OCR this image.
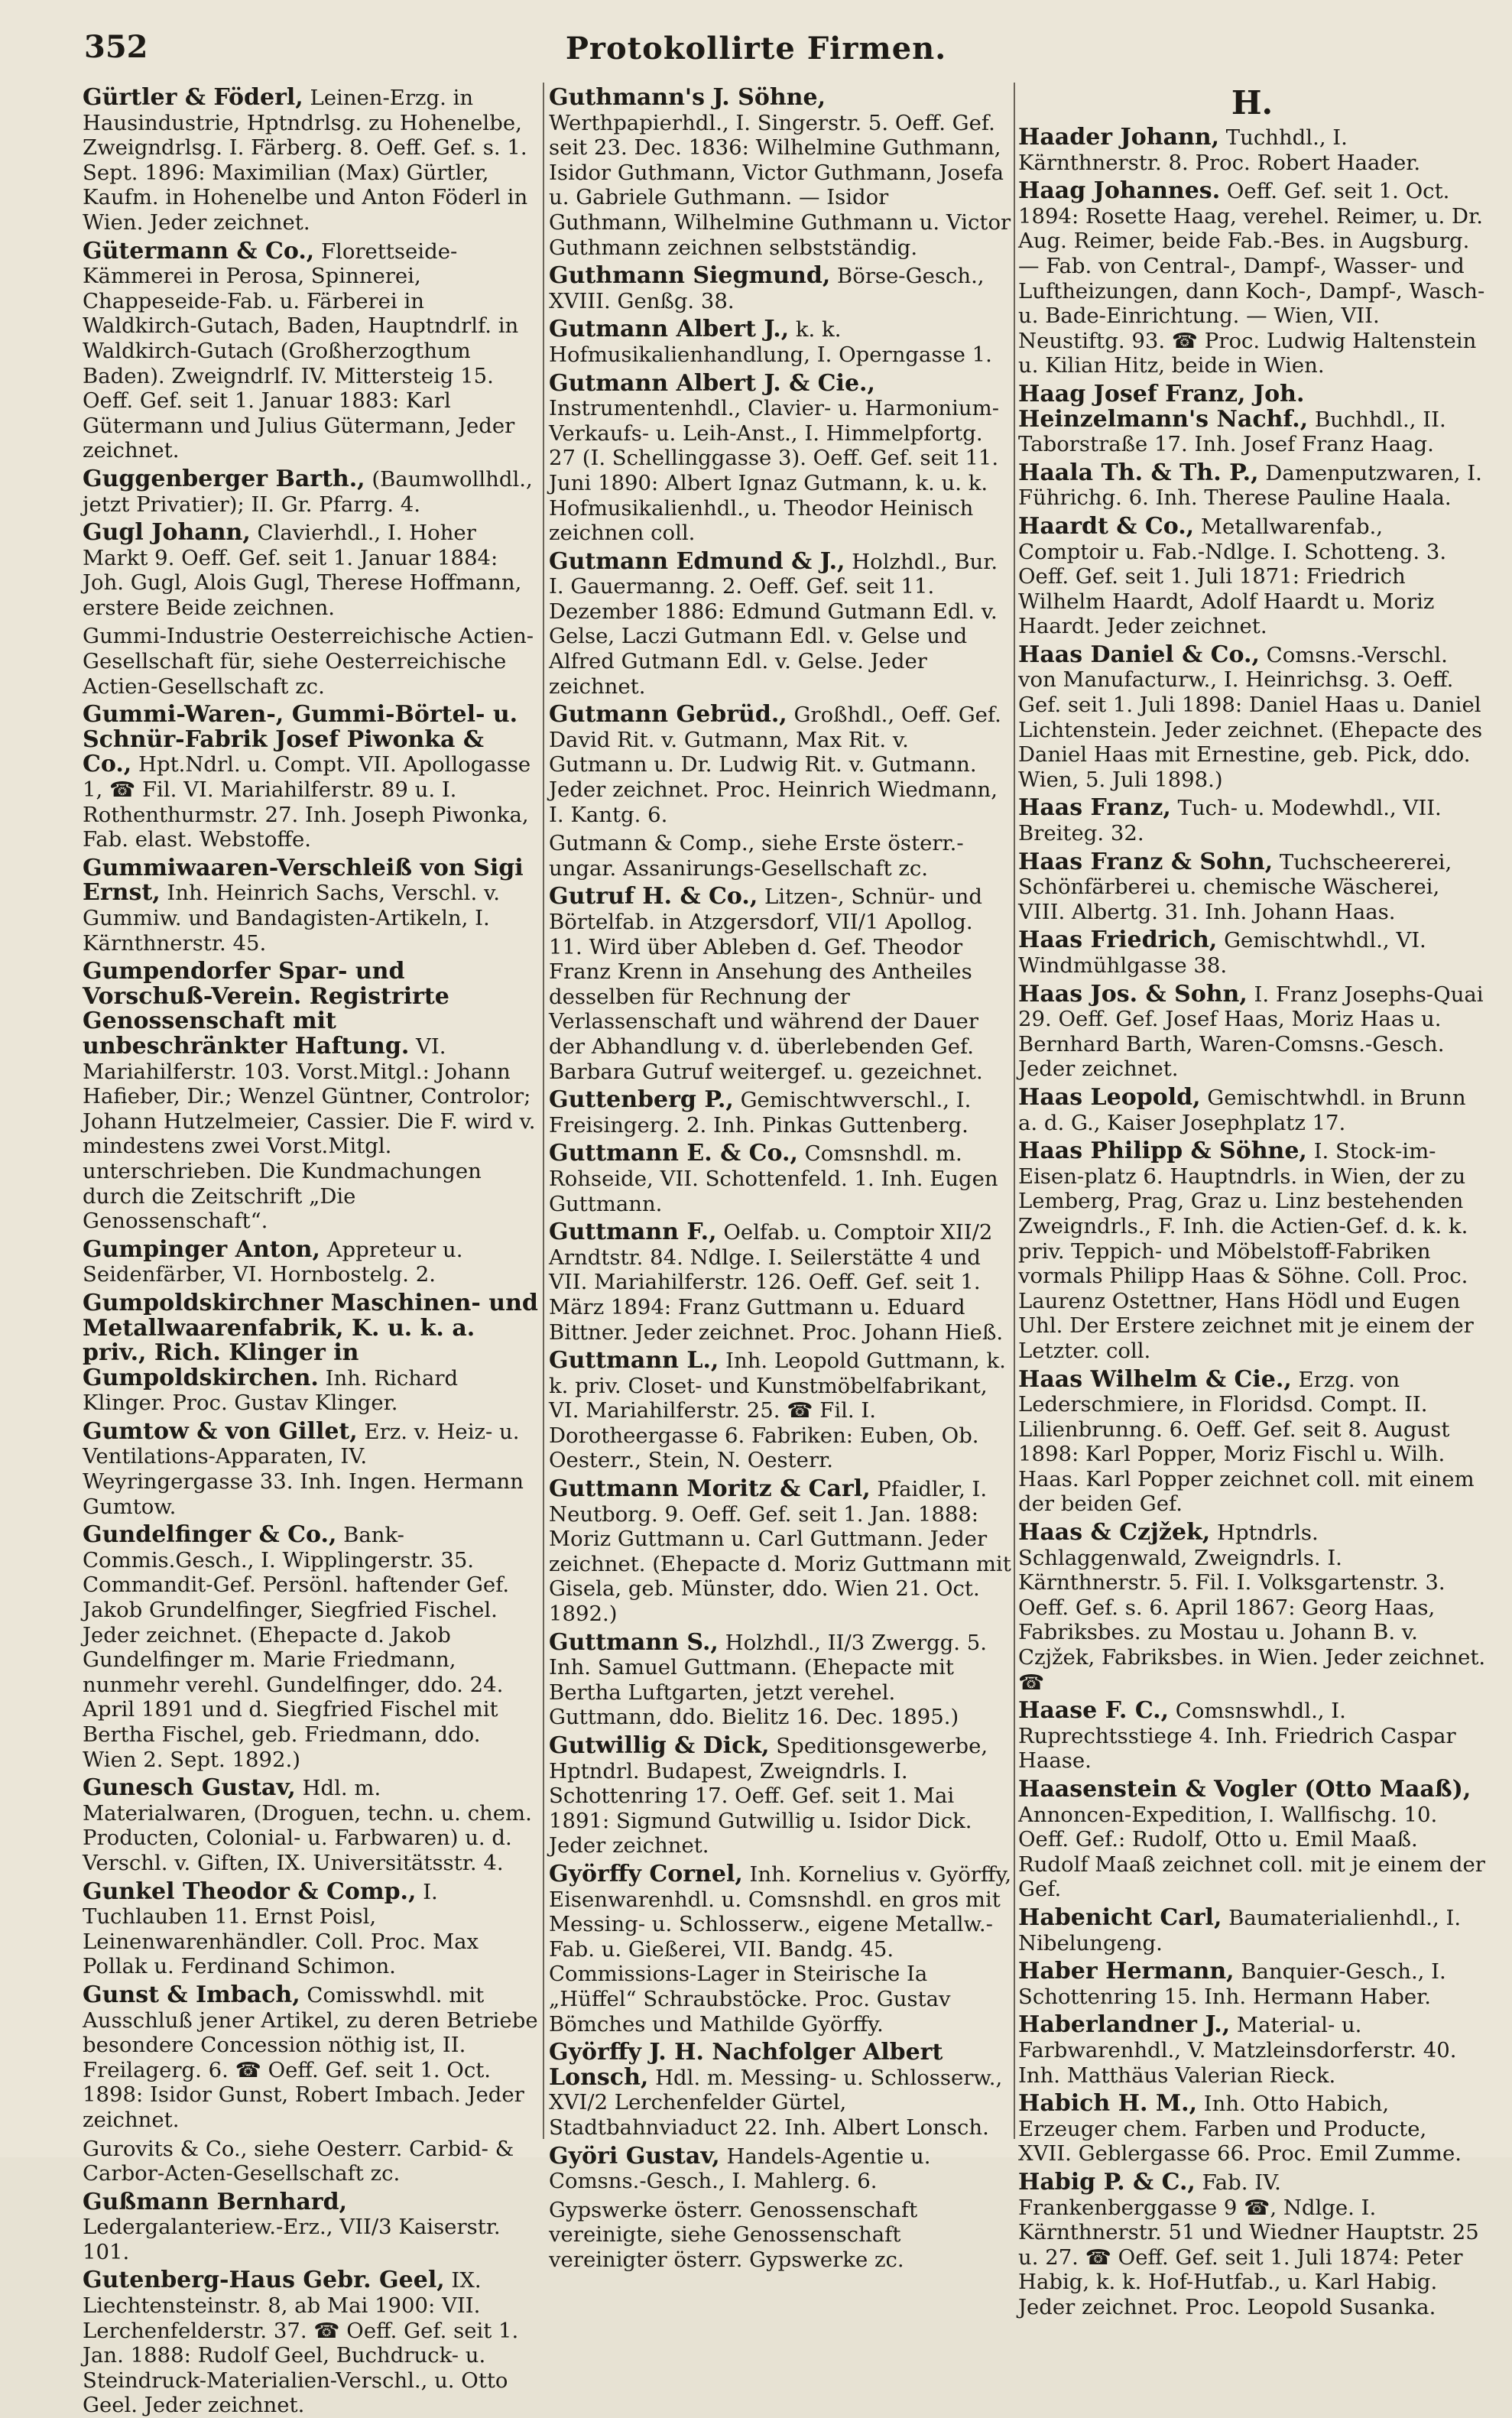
352	Protokollirte Firmen.

Gürtler & Föderl, Leinen-Erzg. in Hausindustrie, Hptndrlsg. zu Hohenelbe, Zweigndrlsg. I. Färberg. 8. Oeff. Gef. s. 1. Sept. 1896: Maximilian (Max) Gürtler, Kaufm. in Hohenelbe und Anton Föderl in Wien. Jeder zeichnet.

Gütermann & Co., Florettseide-Kämmerei in Perosa, Spinnerei, Chappeseide-Fab. u. Färberei in Waldkirch-Gutach, Baden, Hauptndrlf. in Waldkirch-Gutach (Großherzogthum Baden). Zweigndrlf. IV. Mittersteig 15. Oeff. Gef. seit 1. Januar 1883: Karl Gütermann und Julius Gütermann, Jeder zeichnet.

Guggenberger Barth., (Baumwollhdl., jetzt Privatier); II. Gr. Pfarrg. 4.

Gugl Johann, Clavierhdl., I. Hoher Markt 9. Oeff. Gef. seit 1. Januar 1884: Joh. Gugl, Alois Gugl, Therese Hoffmann, erstere Beide zeichnen.

Gummi-Industrie Oesterreichische Actien-Gesellschaft für, siehe Oesterreichische Actien-Gesellschaft zc.

Gummi-Waren-, Gummi-Börtel- u. Schnür-Fabrik Josef Piwonka & Co., Hpt.Ndrl. u. Compt. VII. Apollogasse 1, ☎ Fil. VI. Mariahilferstr. 89 u. I. Rothenthurmstr. 27. Inh. Joseph Piwonka, Fab. elast. Webstoffe.

Gummiwaaren-Verschleiß von Sigi Ernst, Inh. Heinrich Sachs, Verschl. v. Gummiw. und Bandagisten-Artikeln, I. Kärnthnerstr. 45.

Gumpendorfer Spar- und Vorschuß-Verein. Registrirte Genossenschaft mit unbeschränkter Haftung. VI. Mariahilferstr. 103. Vorst.Mitgl.: Johann Hafieber, Dir.; Wenzel Güntner, Controlor; Johann Hutzelmeier, Cassier. Die F. wird v. mindestens zwei Vorst.Mitgl. unterschrieben. Die Kundmachungen durch die Zeitschrift „Die Genossenschaft“.

Gumpinger Anton, Appreteur u. Seidenfärber, VI. Hornbostelg. 2.

Gumpoldskirchner Maschinen- und Metallwaarenfabrik, K. u. k. a. priv., Rich. Klinger in Gumpoldskirchen. Inh. Richard Klinger. Proc. Gustav Klinger.

Gumtow & von Gillet, Erz. v. Heiz- u. Ventilations-Apparaten, IV. Weyringergasse 33. Inh. Ingen. Hermann Gumtow.

Gundelfinger & Co., Bank-Commis.Gesch., I. Wipplingerstr. 35. Commandit-Gef. Persönl. haftender Gef. Jakob Grundelfinger, Siegfried Fischel. Jeder zeichnet. (Ehepacte d. Jakob Gundelfinger m. Marie Friedmann, nunmehr verehl. Gundelfinger, ddo. 24. April 1891 und d. Siegfried Fischel mit Bertha Fischel, geb. Friedmann, ddo. Wien 2. Sept. 1892.)

Gunesch Gustav, Hdl. m. Materialwaren, (Droguen, techn. u. chem. Producten, Colonial- u. Farbwaren) u. d. Verschl. v. Giften, IX. Universitätsstr. 4.

Gunkel Theodor & Comp., I. Tuchlauben 11. Ernst Poisl, Leinenwarenhändler. Coll. Proc. Max Pollak u. Ferdinand Schimon.

Gunst & Imbach, Comisswhdl. mit Ausschluß jener Artikel, zu deren Betriebe besondere Concession nöthig ist, II. Freilagerg. 6. ☎ Oeff. Gef. seit 1. Oct. 1898: Isidor Gunst, Robert Imbach. Jeder zeichnet.

Gurovits & Co., siehe Oesterr. Carbid- & Carbor-Acten-Gesellschaft zc.

Gußmann Bernhard, Ledergalanteriew.-Erz., VII/3 Kaiserstr. 101.

Gutenberg-Haus Gebr. Geel, IX. Liechtensteinstr. 8, ab Mai 1900: VII. Lerchenfelderstr. 37. ☎ Oeff. Gef. seit 1. Jan. 1888: Rudolf Geel, Buchdruck- u. Steindruck-Materialien-Verschl., u. Otto Geel. Jeder zeichnet.

Guthmann's J. Söhne, Werthpapierhdl., I. Singerstr. 5. Oeff. Gef. seit 23. Dec. 1836: Wilhelmine Guthmann, Isidor Guthmann, Victor Guthmann, Josefa u. Gabriele Guthmann. — Isidor Guthmann, Wilhelmine Guthmann u. Victor Guthmann zeichnen selbstständig.

Guthmann Siegmund, Börse-Gesch., XVIII. Genßg. 38.

Gutmann Albert J., k. k. Hofmusikalienhandlung, I. Operngasse 1.

Gutmann Albert J. & Cie., Instrumentenhdl., Clavier- u. Harmonium-Verkaufs- u. Leih-Anst., I. Himmelpfortg. 27 (I. Schellinggasse 3). Oeff. Gef. seit 11. Juni 1890: Albert Ignaz Gutmann, k. u. k. Hofmusikalienhdl., u. Theodor Heinisch zeichnen coll.

Gutmann Edmund & J., Holzhdl., Bur. I. Gauermanng. 2. Oeff. Gef. seit 11. Dezember 1886: Edmund Gutmann Edl. v. Gelse, Laczi Gutmann Edl. v. Gelse und Alfred Gutmann Edl. v. Gelse. Jeder zeichnet.

Gutmann Gebrüd., Großhdl., Oeff. Gef. David Rit. v. Gutmann, Max Rit. v. Gutmann u. Dr. Ludwig Rit. v. Gutmann. Jeder zeichnet. Proc. Heinrich Wiedmann, I. Kantg. 6.

Gutmann & Comp., siehe Erste österr.-ungar. Assanirungs-Gesellschaft zc.

Gutruf H. & Co., Litzen-, Schnür- und Börtelfab. in Atzgersdorf, VII/1 Apollog. 11. Wird über Ableben d. Gef. Theodor Franz Krenn in Ansehung des Antheiles desselben für Rechnung der Verlassenschaft und während der Dauer der Abhandlung v. d. überlebenden Gef. Barbara Gutruf weitergef. u. gezeichnet.

Guttenberg P., Gemischtwverschl., I. Freisingerg. 2. Inh. Pinkas Guttenberg.

Guttmann E. & Co., Comsnshdl. m. Rohseide, VII. Schottenfeld. 1. Inh. Eugen Guttmann.

Guttmann F., Oelfab. u. Comptoir XII/2 Arndtstr. 84. Ndlge. I. Seilerstätte 4 und VII. Mariahilferstr. 126. Oeff. Gef. seit 1. März 1894: Franz Guttmann u. Eduard Bittner. Jeder zeichnet. Proc. Johann Hieß.

Guttmann L., Inh. Leopold Guttmann, k. k. priv. Closet- und Kunstmöbelfabrikant, VI. Mariahilferstr. 25. ☎ Fil. I. Dorotheergasse 6. Fabriken: Euben, Ob. Oesterr., Stein, N. Oesterr.

Guttmann Moritz & Carl, Pfaidler, I. Neutborg. 9. Oeff. Gef. seit 1. Jan. 1888: Moriz Guttmann u. Carl Guttmann. Jeder zeichnet. (Ehepacte d. Moriz Guttmann mit Gisela, geb. Münster, ddo. Wien 21. Oct. 1892.)

Guttmann S., Holzhdl., II/3 Zwergg. 5. Inh. Samuel Guttmann. (Ehepacte mit Bertha Luftgarten, jetzt verehel. Guttmann, ddo. Bielitz 16. Dec. 1895.)

Gutwillig & Dick, Speditionsgewerbe, Hptndrl. Budapest, Zweigndrls. I. Schottenring 17. Oeff. Gef. seit 1. Mai 1891: Sigmund Gutwillig u. Isidor Dick. Jeder zeichnet.

Györffy Cornel, Inh. Kornelius v. Györffy, Eisenwarenhdl. u. Comsnshdl. en gros mit Messing- u. Schlosserw., eigene Metallw.-Fab. u. Gießerei, VII. Bandg. 45. Commissions-Lager in Steirische Ia „Hüffel“ Schraubstöcke. Proc. Gustav Bömches und Mathilde Györffy.

Györffy J. H. Nachfolger Albert Lonsch, Hdl. m. Messing- u. Schlosserw., XVI/2 Lerchenfelder Gürtel, Stadtbahnviaduct 22. Inh. Albert Lonsch.

Györi Gustav, Handels-Agentie u. Comsns.-Gesch., I. Mahlerg. 6.

Gypswerke österr. Genossenschaft vereinigte, siehe Genossenschaft vereinigter österr. Gypswerke zc.

H.

Haader Johann, Tuchhdl., I. Kärnthnerstr. 8. Proc. Robert Haader.

Haag Johannes. Oeff. Gef. seit 1. Oct. 1894: Rosette Haag, verehel. Reimer, u. Dr. Aug. Reimer, beide Fab.-Bes. in Augsburg. — Fab. von Central-, Dampf-, Wasser- und Luftheizungen, dann Koch-, Dampf-, Wasch- u. Bade-Einrichtung. — Wien, VII. Neustiftg. 93. ☎ Proc. Ludwig Haltenstein u. Kilian Hitz, beide in Wien.

Haag Josef Franz, Joh. Heinzelmann's Nachf., Buchhdl., II. Taborstraße 17. Inh. Josef Franz Haag.

Haala Th. & Th. P., Damenputzwaren, I. Führichg. 6. Inh. Therese Pauline Haala.

Haardt & Co., Metallwarenfab., Comptoir u. Fab.-Ndlge. I. Schotteng. 3. Oeff. Gef. seit 1. Juli 1871: Friedrich Wilhelm Haardt, Adolf Haardt u. Moriz Haardt. Jeder zeichnet.

Haas Daniel & Co., Comsns.-Verschl. von Manufacturw., I. Heinrichsg. 3. Oeff. Gef. seit 1. Juli 1898: Daniel Haas u. Daniel Lichtenstein. Jeder zeichnet. (Ehepacte des Daniel Haas mit Ernestine, geb. Pick, ddo. Wien, 5. Juli 1898.)

Haas Franz, Tuch- u. Modewhdl., VII. Breiteg. 32.

Haas Franz & Sohn, Tuchscheererei, Schönfärberei u. chemische Wäscherei, VIII. Albertg. 31. Inh. Johann Haas.

Haas Friedrich, Gemischtwhdl., VI. Windmühlgasse 38.

Haas Jos. & Sohn, I. Franz Josephs-Quai 29. Oeff. Gef. Josef Haas, Moriz Haas u. Bernhard Barth, Waren-Comsns.-Gesch. Jeder zeichnet.

Haas Leopold, Gemischtwhdl. in Brunn a. d. G., Kaiser Josephplatz 17.

Haas Philipp & Söhne, I. Stock-im-Eisen-platz 6. Hauptndrls. in Wien, der zu Lemberg, Prag, Graz u. Linz bestehenden Zweigndrls., F. Inh. die Actien-Gef. d. k. k. priv. Teppich- und Möbelstoff-Fabriken vormals Philipp Haas & Söhne. Coll. Proc. Laurenz Ostettner, Hans Hödl und Eugen Uhl. Der Erstere zeichnet mit je einem der Letzter. coll.

Haas Wilhelm & Cie., Erzg. von Lederschmiere, in Floridsd. Compt. II. Lilienbrunng. 6. Oeff. Gef. seit 8. August 1898: Karl Popper, Moriz Fischl u. Wilh. Haas. Karl Popper zeichnet coll. mit einem der beiden Gef.

Haas & Czjžek, Hptndrls. Schlaggenwald, Zweigndrls. I. Kärnthnerstr. 5. Fil. I. Volksgartenstr. 3. Oeff. Gef. s. 6. April 1867: Georg Haas, Fabriksbes. zu Mostau u. Johann B. v. Czjžek, Fabriksbes. in Wien. Jeder zeichnet. ☎

Haase F. C., Comsnswhdl., I. Ruprechtsstiege 4. Inh. Friedrich Caspar Haase.

Haasenstein & Vogler (Otto Maaß), Annoncen-Expedition, I. Wallfischg. 10. Oeff. Gef.: Rudolf, Otto u. Emil Maaß. Rudolf Maaß zeichnet coll. mit je einem der Gef.

Habenicht Carl, Baumaterialienhdl., I. Nibelungeng.

Haber Hermann, Banquier-Gesch., I. Schottenring 15. Inh. Hermann Haber.

Haberlandner J., Material- u. Farbwarenhdl., V. Matzleinsdorferstr. 40. Inh. Matthäus Valerian Rieck.

Habich H. M., Inh. Otto Habich, Erzeuger chem. Farben und Producte, XVII. Geblergasse 66. Proc. Emil Zumme.

Habig P. & C., Fab. IV. Frankenberggasse 9 ☎, Ndlge. I. Kärnthnerstr. 51 und Wiedner Hauptstr. 25 u. 27. ☎ Oeff. Gef. seit 1. Juli 1874: Peter Habig, k. k. Hof-Hutfab., u. Karl Habig. Jeder zeichnet. Proc. Leopold Susanka.
